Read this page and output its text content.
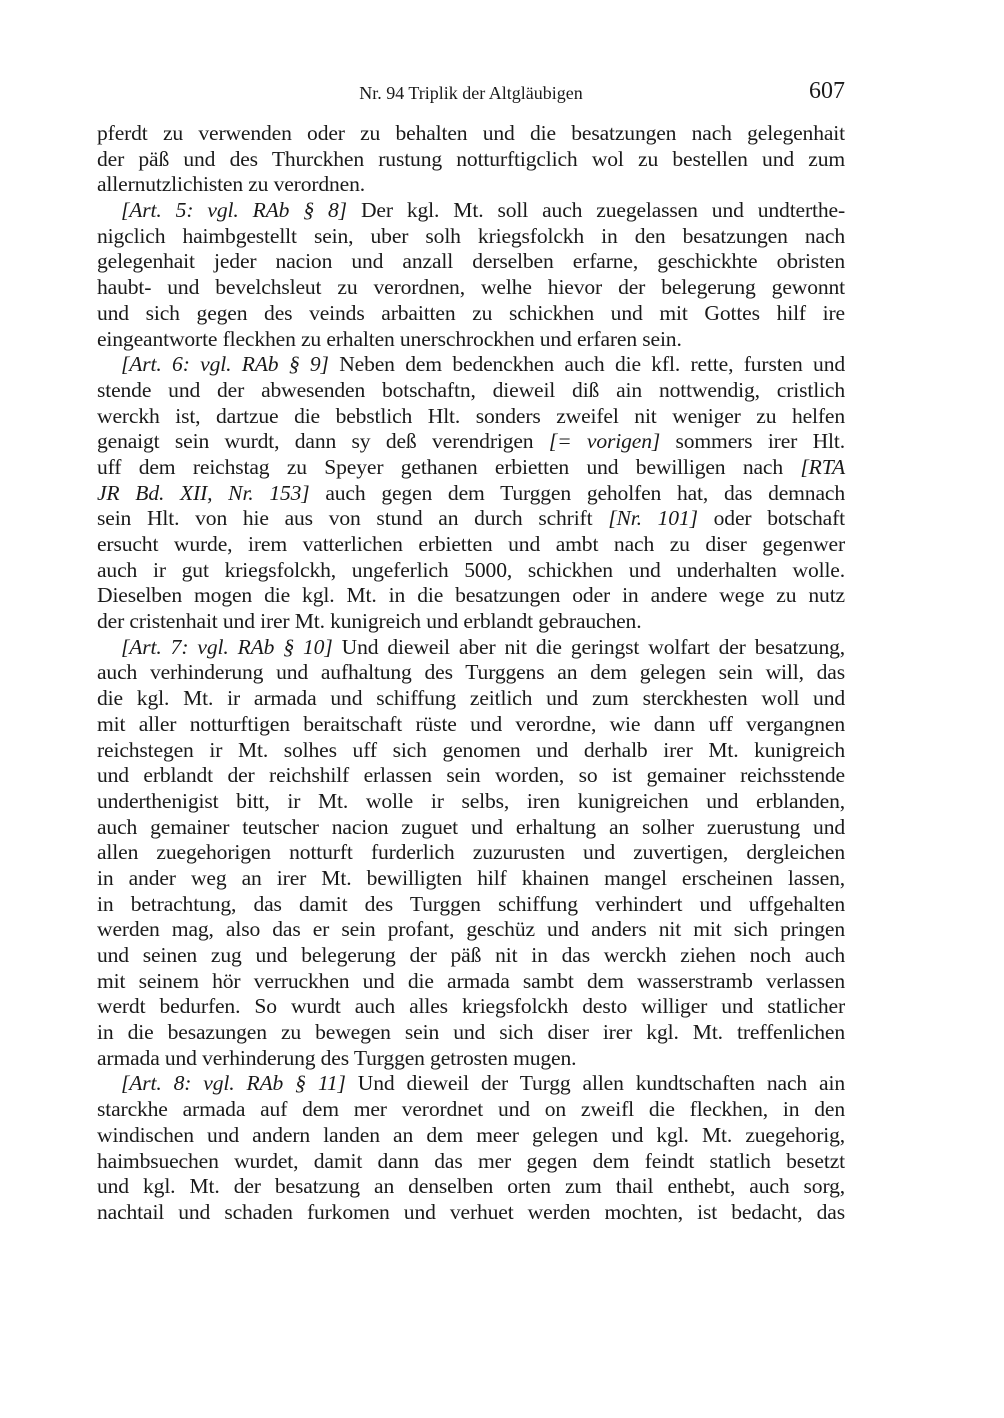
Nr. 94 Triplik der Altgläubigen	607
pferdt zu verwenden oder zu behalten und die besatzungen nach gelegenhait
der päß und des Thurckhen rustung notturftigclich wol zu bestellen und zum
allernutzlichisten zu verordnen.
[Art. 5: vgl. RAb § 8] Der kgl. Mt. soll auch zuegelassen und undterthe-
nigclich haimbgestellt sein, uber solh kriegsfolckh in den besatzungen nach
gelegenhait jeder nacion und anzall derselben erfarne, geschickhte obristen
haubt- und bevelchsleut zu verordnen, welhe hievor der belegerung gewonnt
und sich gegen des veinds arbaitten zu schickhen und mit Gottes hilf ire
eingeantworte fleckhen zu erhalten unerschrockhen und erfaren sein.
[Art. 6: vgl. RAb § 9] Neben dem bedenckhen auch die kfl. rette, fursten und
stende und der abwesenden botschaftn, dieweil diß ain nottwendig, cristlich
werckh ist, dartzue die bebstlich Hlt. sonders zweifel nit weniger zu helfen
genaigt sein wurdt, dann sy deß verendrigen [= vorigen] sommers irer Hlt.
uff dem reichstag zu Speyer gethanen erbietten und bewilligen nach [RTA
JR Bd. XII, Nr. 153] auch gegen dem Turggen geholfen hat, das demnach
sein Hlt. von hie aus von stund an durch schrift [Nr. 101] oder botschaft
ersucht wurde, irem vatterlichen erbietten und ambt nach zu diser gegenwer
auch ir gut kriegsfolckh, ungeferlich 5000, schickhen und underhalten wolle.
Dieselben mogen die kgl. Mt. in die besatzungen oder in andere wege zu nutz
der cristenhait und irer Mt. kunigreich und erblandt gebrauchen.
[Art. 7: vgl. RAb § 10] Und dieweil aber nit die geringst wolfart der besatzung,
auch verhinderung und aufhaltung des Turggens an dem gelegen sein will, das
die kgl. Mt. ir armada und schiffung zeitlich und zum sterckhesten woll und
mit aller notturftigen beraitschaft rüste und verordne, wie dann uff vergangnen
reichstegen ir Mt. solhes uff sich genomen und derhalb irer Mt. kunigreich
und erblandt der reichshilf erlassen sein worden, so ist gemainer reichsstende
underthenigist bitt, ir Mt. wolle ir selbs, iren kunigreichen und erblanden,
auch gemainer teutscher nacion zuguet und erhaltung an solher zuerustung und
allen zuegehorigen notturft furderlich zuzurusten und zuvertigen, dergleichen
in ander weg an irer Mt. bewilligten hilf khainen mangel erscheinen lassen,
in betrachtung, das damit des Turggen schiffung verhindert und uffgehalten
werden mag, also das er sein profant, geschüz und anders nit mit sich pringen
und seinen zug und belegerung der päß nit in das werckh ziehen noch auch
mit seinem hör verruckhen und die armada sambt dem wasserstramb verlassen
werdt bedurfen. So wurdt auch alles kriegsfolckh desto williger und statlicher
in die besazungen zu bewegen sein und sich diser irer kgl. Mt. treffenlichen
armada und verhinderung des Turggen getrosten mugen.
[Art. 8: vgl. RAb § 11] Und dieweil der Turgg allen kundtschaften nach ain
starckhe armada auf dem mer verordnet und on zweifl die fleckhen, in den
windischen und andern landen an dem meer gelegen und kgl. Mt. zuegehorig,
haimbsuechen wurdet, damit dann das mer gegen dem feindt statlich besetzt
und kgl. Mt. der besatzung an denselben orten zum thail enthebt, auch sorg,
nachtail und schaden furkomen und verhuet werden mochten, ist bedacht, das
